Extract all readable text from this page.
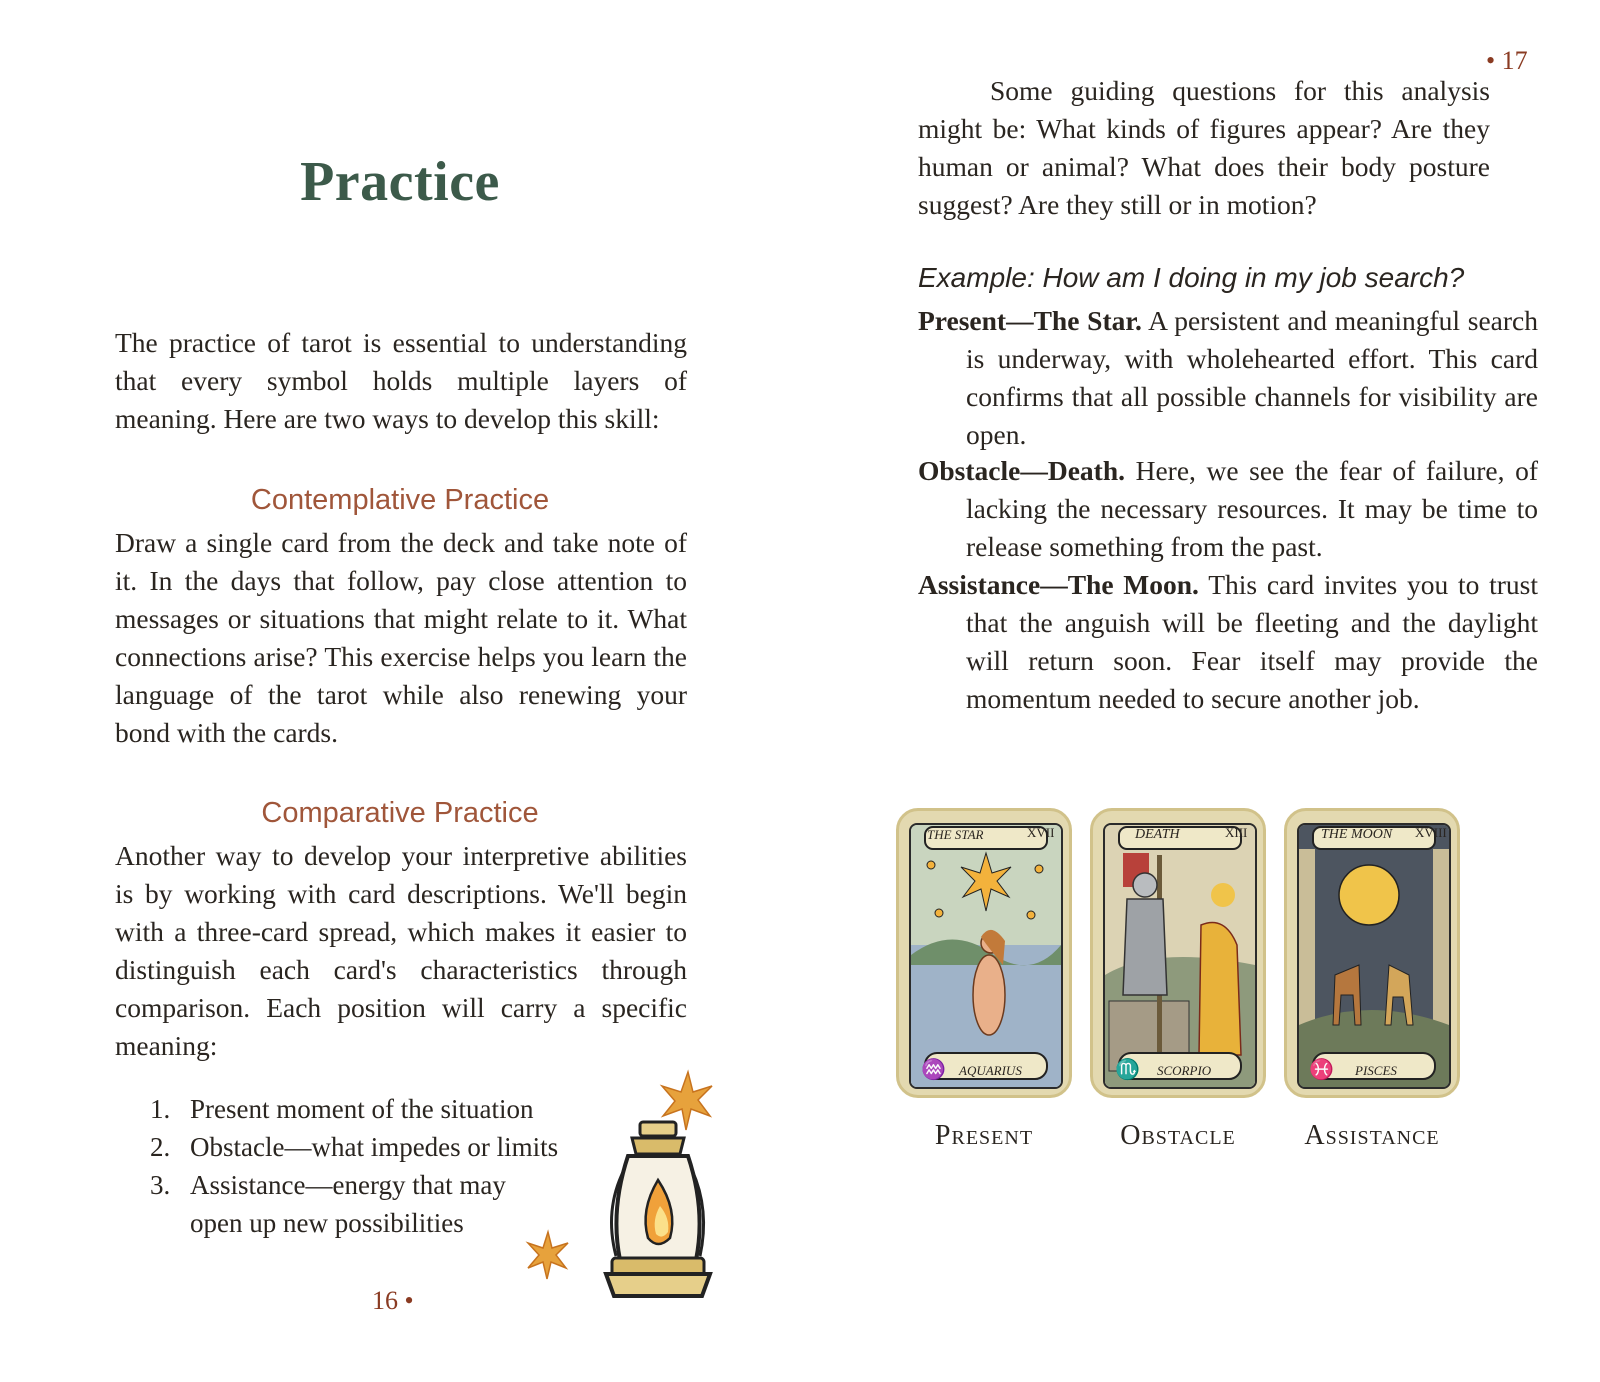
Practice

The practice of tarot is essential to understanding that every symbol holds multiple layers of meaning. Here are two ways to develop this skill:

Contemplative Practice

Draw a single card from the deck and take note of it. In the days that follow, pay close attention to messages or situations that might relate to it. What connections arise? This exercise helps you learn the language of the tarot while also renewing your bond with the cards.

Comparative Practice

Another way to develop your interpretive abilities is by working with card descriptions. We'll begin with a three-card spread, which makes it easier to distinguish each card's characteristics through comparison. Each position will carry a specific meaning:

1. Present moment of the situation
2. Obstacle—what impedes or limits
3. Assistance—energy that may open up new possibilities
16 •
• 17

Some guiding questions for this analysis might be: What kinds of figures appear? Are they human or animal? What does their body posture suggest? Are they still or in motion?

Example: How am I doing in my job search?

Present—The Star. A persistent and meaningful search is underway, with wholehearted effort. This card confirms that all possible channels for visibility are open.

Obstacle—Death. Here, we see the fear of failure, of lacking the necessary resources. It may be time to release something from the past.

Assistance—The Moon. This card invites you to trust that the anguish will be fleeting and the daylight will return soon. Fear itself may provide the momentum needed to secure another job.

THE STAR	XVII
♒ AQUARIUS
Present
DEATH	XIII
♏ SCORPIO
Obstacle
THE MOON XVIII
♓ PISCES
Assistance
